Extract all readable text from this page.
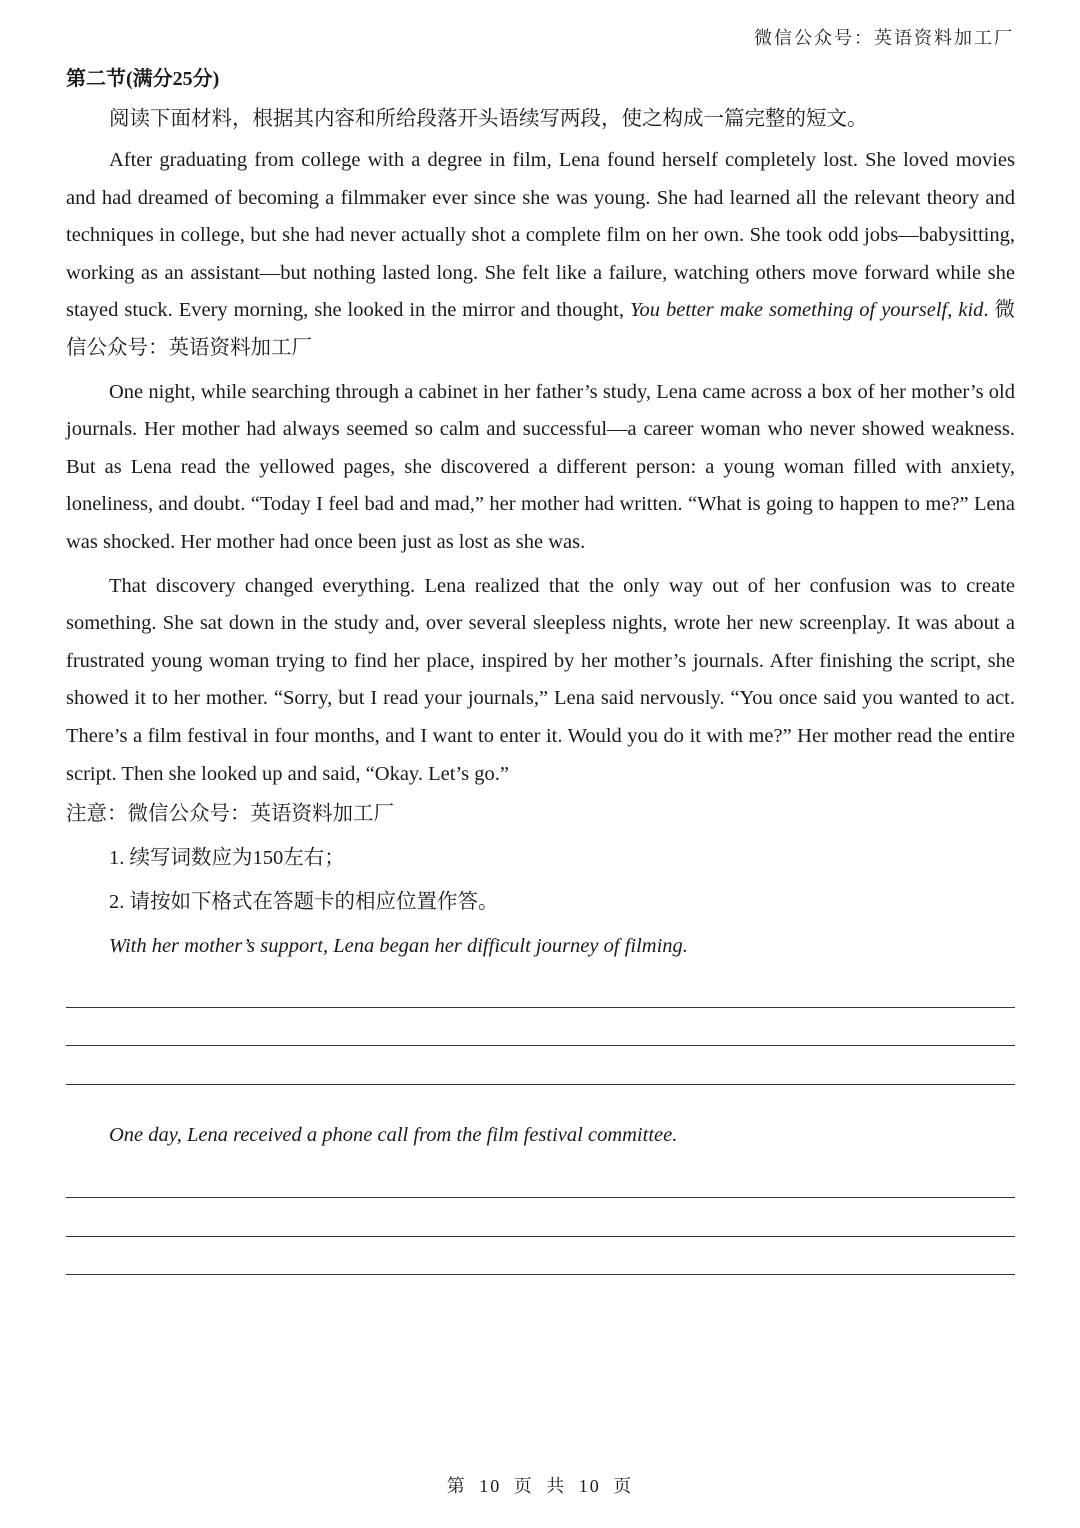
微信公众号：英语资料加工厂
第二节(满分25分)
阅读下面材料，根据其内容和所给段落开头语续写两段，使之构成一篇完整的短文。

After graduating from college with a degree in film, Lena found herself completely lost. She loved movies and had dreamed of becoming a filmmaker ever since she was young. She had learned all the relevant theory and techniques in college, but she had never actually shot a complete film on her own. She took odd jobs—babysitting, working as an assistant—but nothing lasted long. She felt like a failure, watching others move forward while she stayed stuck. Every morning, she looked in the mirror and thought, You better make something of yourself, kid. 微信公众号：英语资料加工厂

One night, while searching through a cabinet in her father’s study, Lena came across a box of her mother’s old journals. Her mother had always seemed so calm and successful—a career woman who never showed weakness. But as Lena read the yellowed pages, she discovered a different person: a young woman filled with anxiety, loneliness, and doubt. “Today I feel bad and mad,” her mother had written. “What is going to happen to me?” Lena was shocked. Her mother had once been just as lost as she was.

That discovery changed everything. Lena realized that the only way out of her confusion was to create something. She sat down in the study and, over several sleepless nights, wrote her new screenplay. It was about a frustrated young woman trying to find her place, inspired by her mother’s journals. After finishing the script, she showed it to her mother. “Sorry, but I read your journals,” Lena said nervously. “You once said you wanted to act. There’s a film festival in four months, and I want to enter it. Would you do it with me?” Her mother read the entire script. Then she looked up and said, “Okay. Let’s go.”

注意：微信公众号：英语资料加工厂
1. 续写词数应为150左右；
2. 请按如下格式在答题卡的相应位置作答。
With her mother’s support, Lena began her difficult journey of filming.
One day, Lena received a phone call from the film festival committee.
第 10 页 共 10 页
